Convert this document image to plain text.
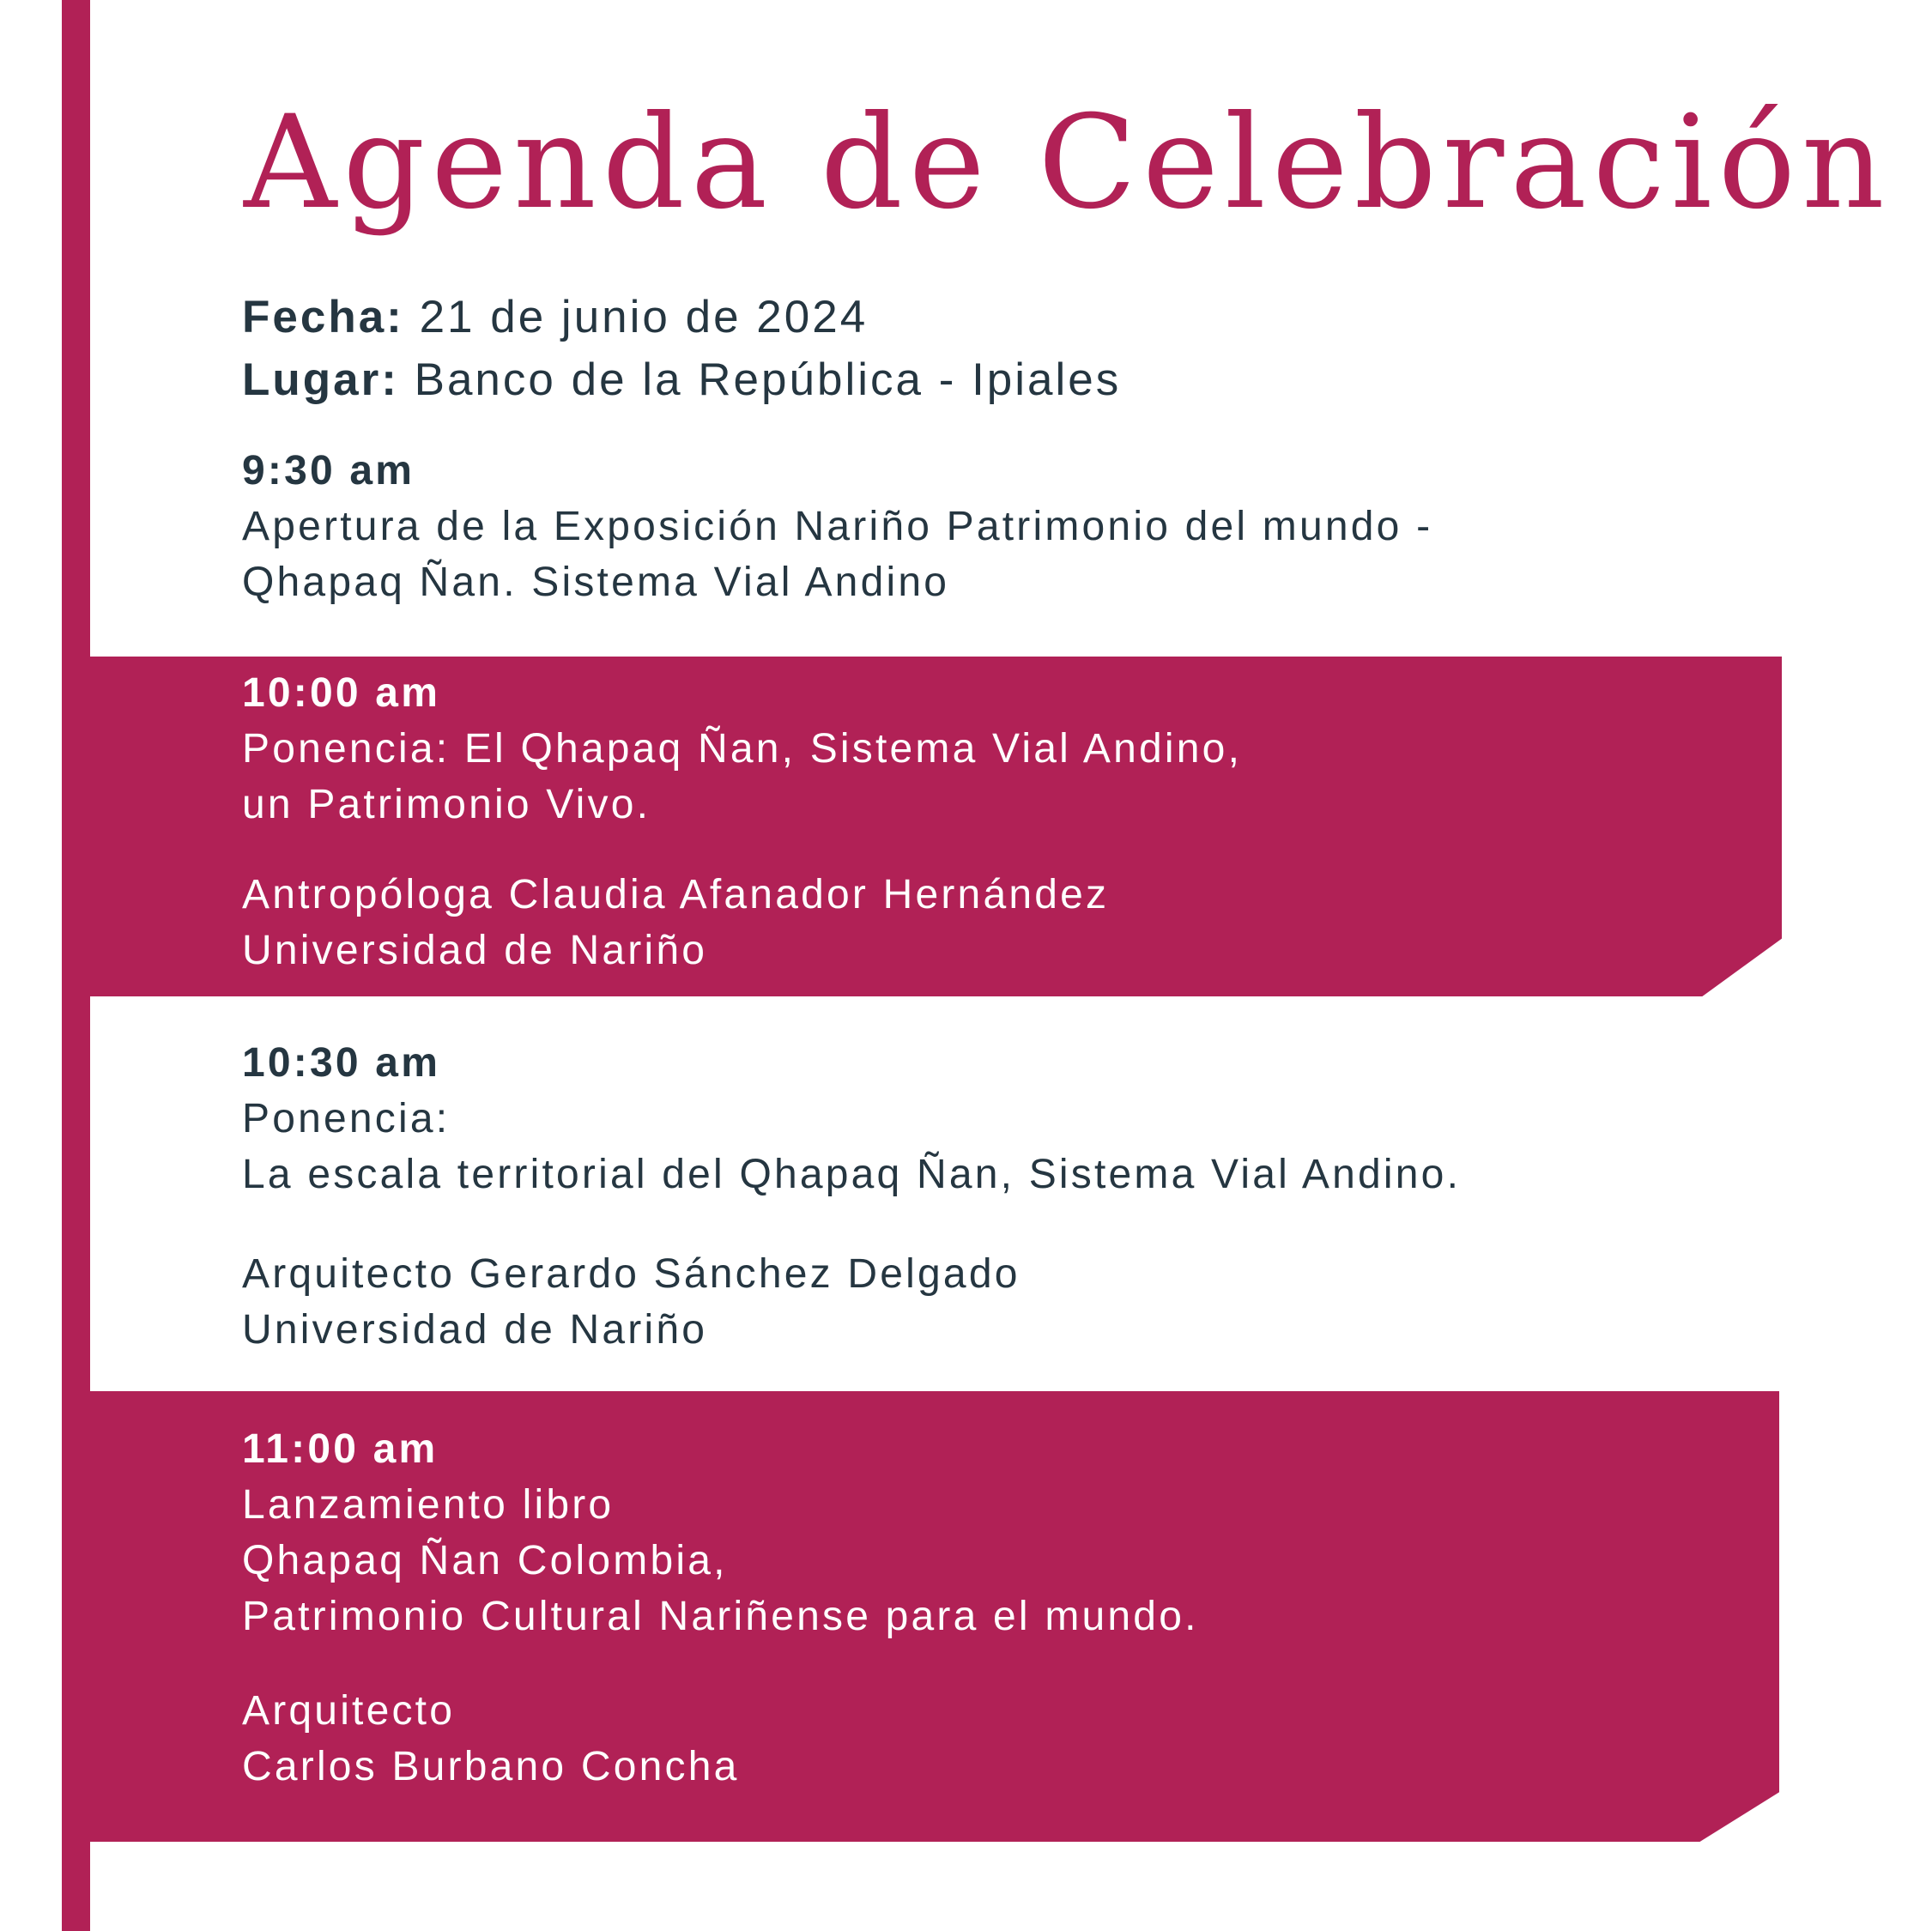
Agenda de Celebración
Fecha: 21 de junio de 2024
Lugar: Banco de la República - Ipiales
9:30 am
Apertura de la Exposición Nariño Patrimonio del mundo -
Qhapaq Ñan. Sistema Vial Andino
10:00 am
Ponencia: El Qhapaq Ñan, Sistema Vial Andino,
un Patrimonio Vivo.
Antropóloga Claudia Afanador Hernández
Universidad de Nariño
10:30 am
Ponencia:
La escala territorial del Qhapaq Ñan, Sistema Vial Andino.
Arquitecto Gerardo Sánchez Delgado
Universidad de Nariño
11:00 am
Lanzamiento libro
Qhapaq Ñan Colombia,
Patrimonio Cultural Nariñense para el mundo.
Arquitecto
Carlos Burbano Concha
